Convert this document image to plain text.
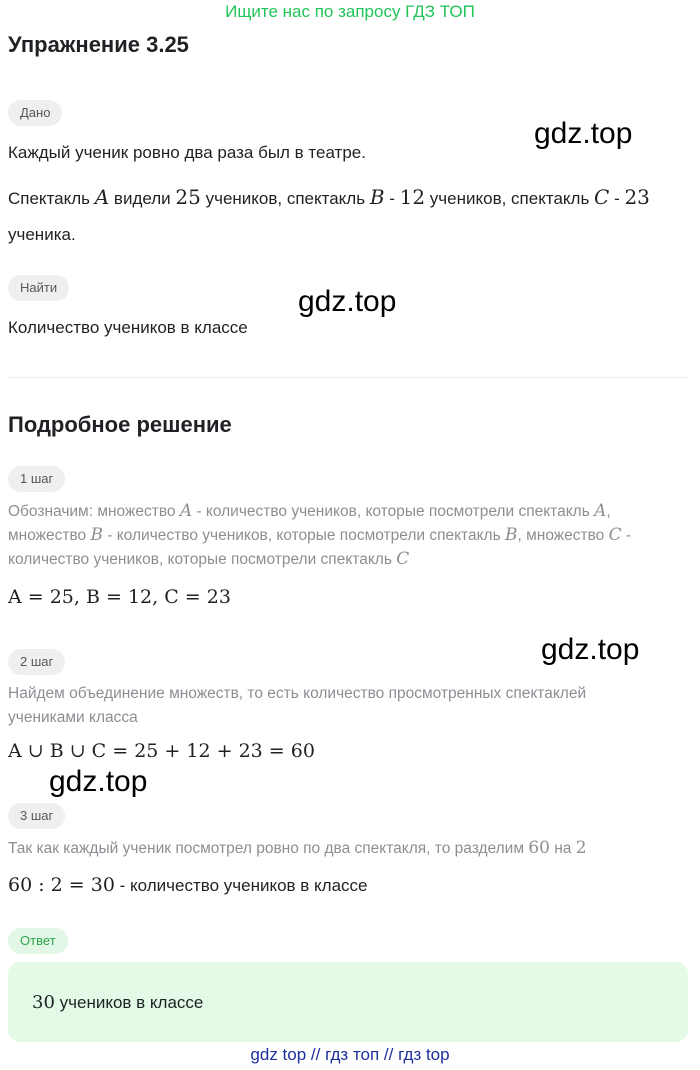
Ищите нас по запросу ГДЗ ТОП
Упражнение 3.25
Дано
Каждый ученик ровно два раза был в театре.
Спектакль A видели 25 учеников, спектакль B - 12 учеников, спектакль C - 23
ученика.
Найти
Количество учеников в классе
Подробное решение
1 шаг
Обозначим: множество A - количество учеников, которые посмотрели спектакль A,
множество B - количество учеников, которые посмотрели спектакль B, множество C -
количество учеников, которые посмотрели спектакль C
A = 25, B = 12, C = 23
2 шаг
Найдем объединение множеств, то есть количество просмотренных спектаклей
учениками класса
A ∪ B ∪ C = 25 + 12 + 23 = 60
3 шаг
Так как каждый ученик посмотрел ровно по два спектакля, то разделим 60 на 2
60 : 2 = 30 - количество учеников в классе
Ответ
30 учеников в классе
gdz.top
gdz.top
gdz.top
gdz.top
gdz top // гдз топ // гдз top
